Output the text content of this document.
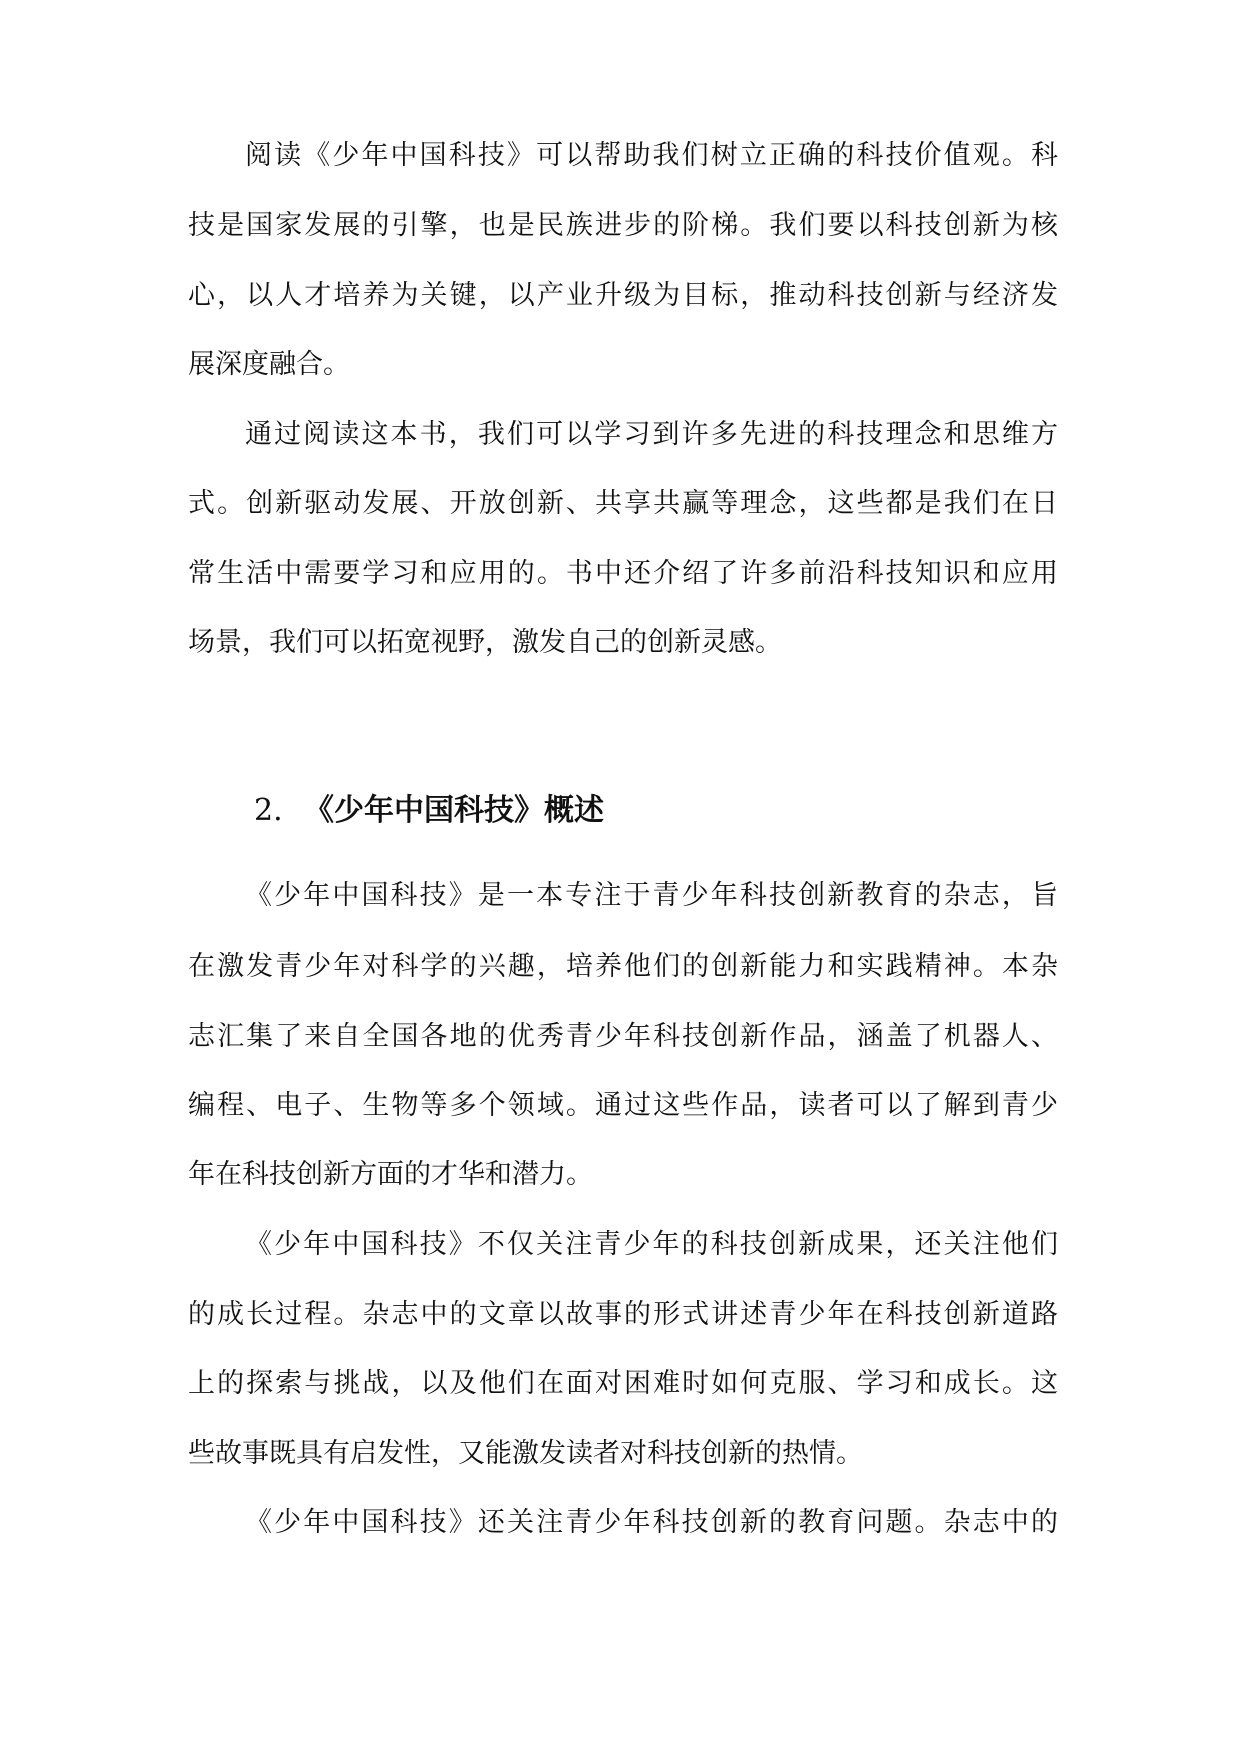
阅读《少年中国科技》可以帮助我们树立正确的科技价值观。科

技是国家发展的引擎，也是民族进步的阶梯。我们要以科技创新为核

心，以人才培养为关键，以产业升级为目标，推动科技创新与经济发

展深度融合。

通过阅读这本书，我们可以学习到许多先进的科技理念和思维方

式。创新驱动发展、开放创新、共享共赢等理念，这些都是我们在日

常生活中需要学习和应用的。书中还介绍了许多前沿科技知识和应用

场景，我们可以拓宽视野，激发自己的创新灵感。

2. 《少年中国科技》概述

《少年中国科技》是一本专注于青少年科技创新教育的杂志，旨

在激发青少年对科学的兴趣，培养他们的创新能力和实践精神。本杂

志汇集了来自全国各地的优秀青少年科技创新作品，涵盖了机器人、

编程、电子、生物等多个领域。通过这些作品，读者可以了解到青少

年在科技创新方面的才华和潜力。

《少年中国科技》不仅关注青少年的科技创新成果，还关注他们

的成长过程。杂志中的文章以故事的形式讲述青少年在科技创新道路

上的探索与挑战，以及他们在面对困难时如何克服、学习和成长。这

些故事既具有启发性，又能激发读者对科技创新的热情。

《少年中国科技》还关注青少年科技创新的教育问题。杂志中的
